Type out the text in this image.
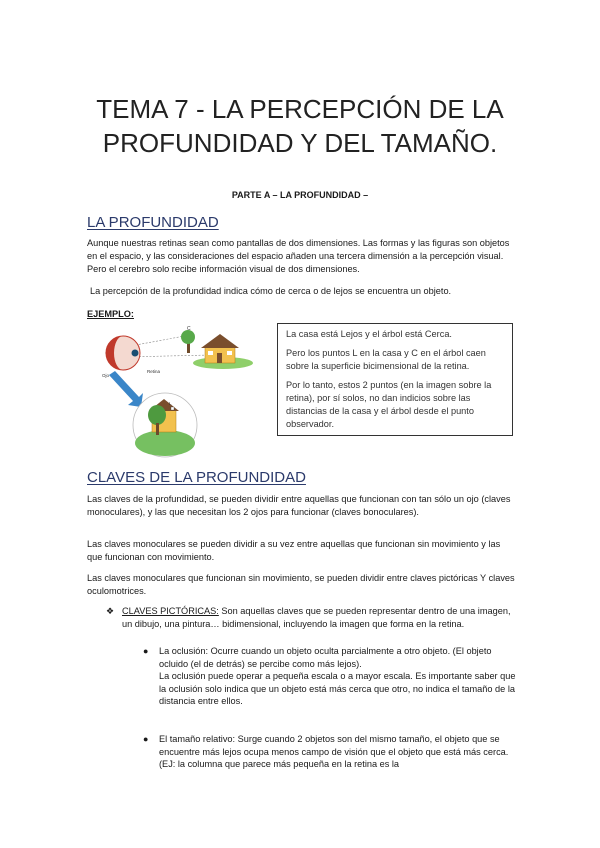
TEMA 7 - LA PERCEPCIÓN DE LA
PROFUNDIDAD Y DEL TAMAÑO.

PARTE A – LA PROFUNDIDAD –

LA PROFUNDIDAD

Aunque nuestras retinas sean como pantallas de dos dimensiones. Las formas y las figuras son objetos en el espacio, y las consideraciones del espacio añaden una tercera dimensión a la percepción visual. Pero el cerebro solo recibe información visual de dos dimensiones.

La percepción de la profundidad indica cómo de cerca o de lejos se encuentra un objeto.

EJEMPLO:

Ojo
Retina
C
L

La casa está Lejos y el árbol está Cerca.

Pero los puntos L en la casa y C en el árbol caen sobre la superficie bicimensional de la retina.

Por lo tanto, estos 2 puntos (en la imagen sobre la retina), por sí solos, no dan indicios sobre las distancias de la casa y el árbol desde el punto observador.

CLAVES DE LA PROFUNDIDAD

Las claves de la profundidad, se pueden dividir entre aquellas que funcionan con tan sólo un ojo (claves monoculares), y las que necesitan los 2 ojos para funcionar (claves bonoculares).

Las claves monoculares se pueden dividir a su vez entre aquellas que funcionan sin movimiento y las que funcionan con movimiento.

Las claves monoculares que funcionan sin movimiento, se pueden dividir entre claves pictóricas Y claves oculomotrices.

❖ CLAVES PICTÓRICAS: Son aquellas claves que se pueden representar dentro de una imagen, un dibujo, una pintura… bidimensional, incluyendo la imagen que forma en la retina.

● La oclusión: Ocurre cuando un objeto oculta parcialmente a otro objeto. (El objeto ocluido (el de detrás) se percibe como más lejos).
La oclusión puede operar a pequeña escala o a mayor escala. Es importante saber que la oclusión solo indica que un objeto está más cerca que otro, no indica el tamaño de la distancia entre ellos.
● El tamaño relativo: Surge cuando 2 objetos son del mismo tamaño, el objeto que se encuentre más lejos ocupa menos campo de visión que el objeto que está más cerca. (EJ: la columna que parece más pequeña en la retina es la
